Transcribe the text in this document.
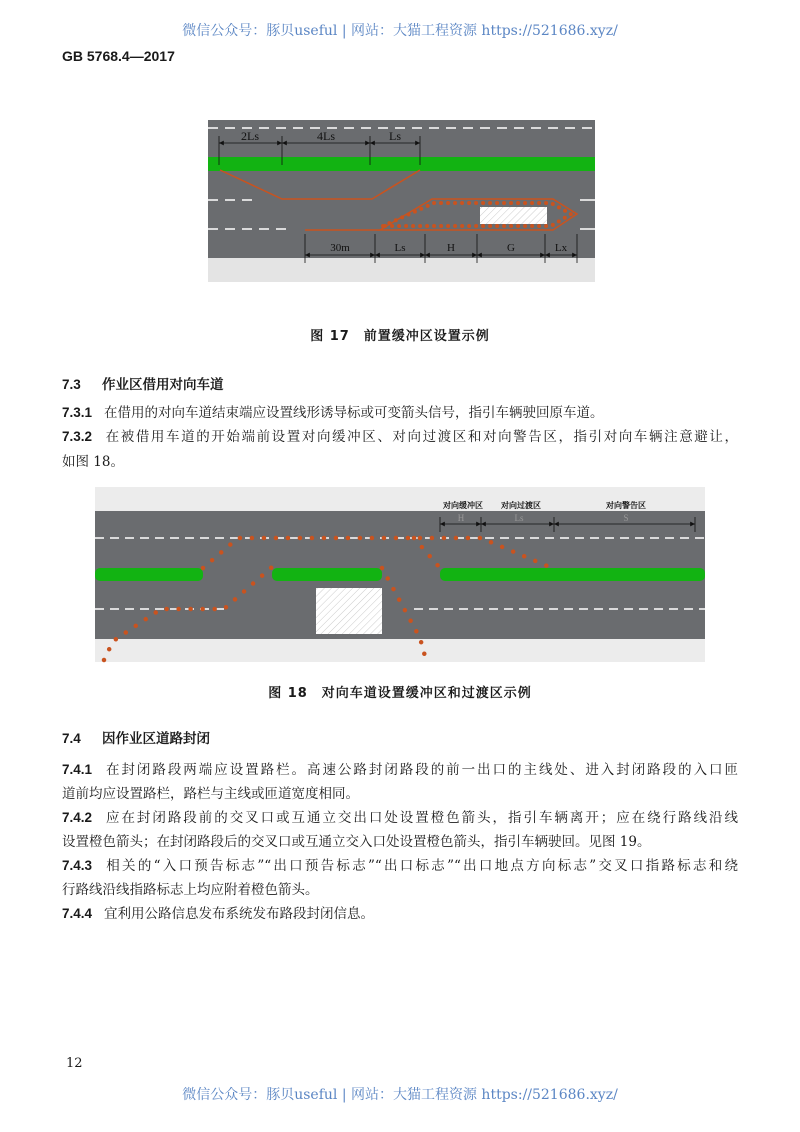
微信公众号：豚贝useful | 网站：大猫工程资源 https://521686.xyz/
GB 5768.4—2017
2Ls	4Ls	Ls
30m	Ls	H	G	Lx
图 17　前置缓冲区设置示例
7.3 作业区借用对向车道
7.3.1 在借用的对向车道结束端应设置线形诱导标或可变箭头信号，指引车辆驶回原车道。
7.3.2 在被借用车道的开始端前设置对向缓冲区、对向过渡区和对向警告区，指引对向车辆注意避让，
如图 18。
对向缓冲区 对向过渡区	对向警告区
H	Ls	S
图 18　对向车道设置缓冲区和过渡区示例
7.4 因作业区道路封闭
7.4.1 在封闭路段两端应设置路栏。高速公路封闭路段的前一出口的主线处、进入封闭路段的入口匝
道前均应设置路栏，路栏与主线或匝道宽度相同。
7.4.2 应在封闭路段前的交叉口或互通立交出口处设置橙色箭头，指引车辆离开；应在绕行路线沿线
设置橙色箭头；在封闭路段后的交叉口或互通立交入口处设置橙色箭头，指引车辆驶回。见图 19。
7.4.3 相关的“入口预告标志”“出口预告标志”“出口标志”“出口地点方向标志”交叉口指路标志和绕
行路线沿线指路标志上均应附着橙色箭头。
7.4.4 宜利用公路信息发布系统发布路段封闭信息。
12
微信公众号：豚贝useful | 网站：大猫工程资源 https://521686.xyz/
